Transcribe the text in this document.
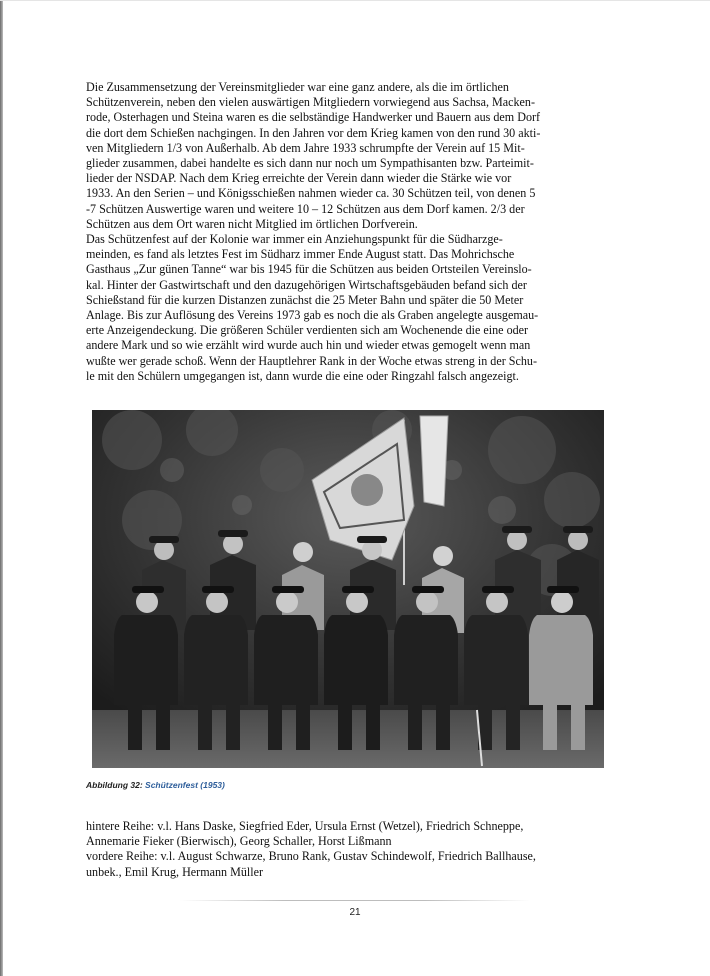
Die Zusammensetzung der Vereinsmitglieder war eine ganz andere, als die im örtlichen
Schützenverein, neben den vielen auswärtigen Mitgliedern vorwiegend aus Sachsa, Macken-
rode, Osterhagen und Steina waren es die selbständige Handwerker und Bauern aus dem Dorf
die dort dem Schießen nachgingen. In den Jahren vor dem Krieg kamen von den rund 30 akti-
ven Mitgliedern 1/3 von Außerhalb. Ab dem Jahre 1933 schrumpfte der Verein auf 15 Mit-
glieder zusammen, dabei handelte es sich dann nur noch um Sympathisanten bzw. Parteimit-
lieder der NSDAP. Nach dem Krieg erreichte der Verein dann wieder die Stärke wie vor
1933. An den Serien – und Königsschießen nahmen wieder ca. 30 Schützen teil, von denen 5
-7 Schützen Auswertige waren und weitere 10 – 12 Schützen aus dem Dorf kamen. 2/3 der
Schützen aus dem Ort waren nicht Mitglied im örtlichen Dorfverein.

Das Schützenfest auf der Kolonie war immer ein Anziehungspunkt für die Südharzge-
meinden, es fand als letztes Fest im Südharz immer Ende August statt. Das Mohrichsche
Gasthaus „Zur günen Tanne“ war bis 1945 für die Schützen aus beiden Ortsteilen Vereinslo-
kal. Hinter der Gastwirtschaft und den dazugehörigen Wirtschaftsgebäuden befand sich der
Schießstand für die kurzen Distanzen zunächst die 25 Meter Bahn und später die 50 Meter
Anlage. Bis zur Auflösung des Vereins 1973 gab es noch die als Graben angelegte ausgemau-
erte Anzeigendeckung. Die größeren Schüler verdienten sich am Wochenende die eine oder
andere Mark und so wie erzählt wird wurde auch hin und wieder etwas gemogelt wenn man
wußte wer gerade schoß. Wenn der Hauptlehrer Rank in der Woche etwas streng in der Schu-
le mit den Schülern umgegangen ist, dann wurde die eine oder Ringzahl falsch angezeigt.

Abbildung 32: Schützenfest (1953)
hintere Reihe: v.l. Hans Daske, Siegfried Eder, Ursula Ernst (Wetzel), Friedrich Schneppe,
Annemarie Fieker (Bierwisch), Georg Schaller, Horst Lißmann
vordere Reihe: v.l. August Schwarze, Bruno Rank, Gustav Schindewolf, Friedrich Ballhause,
unbek., Emil Krug, Hermann Müller
21
